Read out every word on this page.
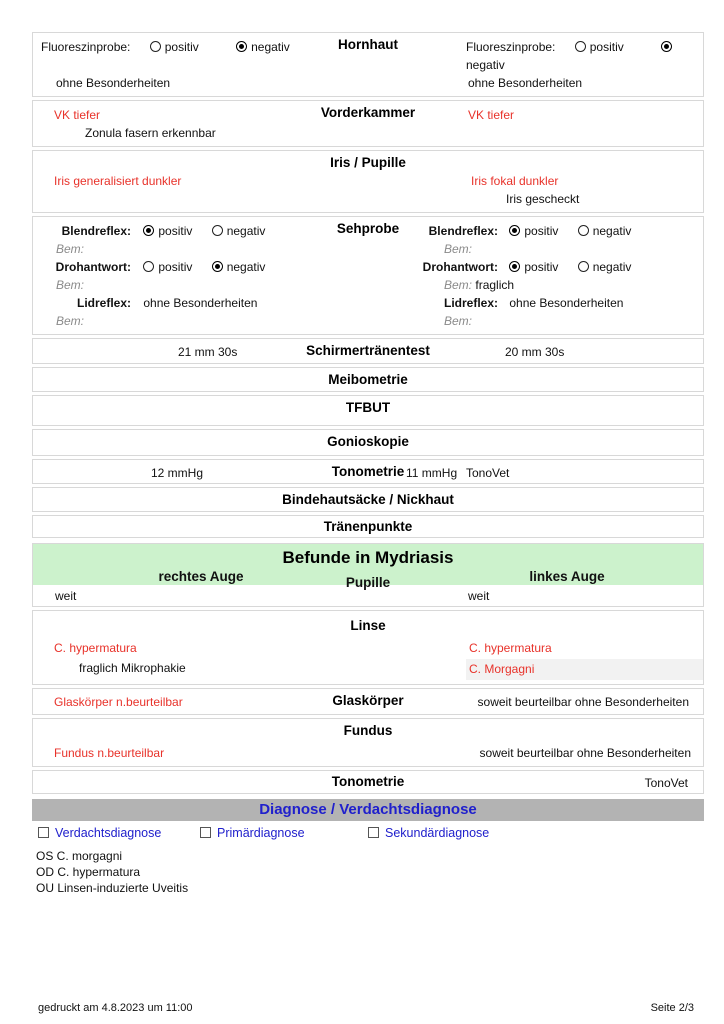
Hornhaut
Fluoreszinprobe:	positiv	negativ	Fluoreszinprobe:	positiv negativ
ohne Besonderheiten	ohne Besonderheiten
Vorderkammer
VK tiefer	VK tiefer
Zonula fasern erkennbar
Iris / Pupille
Iris generalisiert dunkler	Iris fokal dunkler
Iris gescheckt
Sehprobe
Blendreflex: positiv	negativ	Blendreflex: positiv	negativ
Bem:	Bem:
Drohantwort: positiv	negativ	Drohantwort: positiv	negativ
Bem:	Bem: fraglich
Lidreflex: ohne Besonderheiten	Lidreflex: ohne Besonderheiten
Bem:	Bem:
Schirmertränentest
21 mm 30s	20 mm 30s
Meibometrie
TFBUT
Gonioskopie
Tonometrie
12 mmHg	11 mmHg TonoVet
Bindehautsäcke / Nickhaut
Tränenpunkte
Befunde in Mydriasis
rechtes Auge	linkes Auge
Pupille
weit	weit
Linse
C. hypermatura	C. hypermatura
fraglich Mikrophakie	C. Morgagni
Glaskörper
Glaskörper n.beurteilbar	soweit beurteilbar ohne Besonderheiten
Fundus
Fundus n.beurteilbar	soweit beurteilbar ohne Besonderheiten
Tonometrie	TonoVet
Diagnose / Verdachtsdiagnose
Verdachtsdiagnose	Primärdiagnose	Sekundärdiagnose
OS C. morgagni
OD C. hypermatura
OU Linsen-induzierte Uveitis
gedruckt am 4.8.2023 um 11:00	Seite 2/3
